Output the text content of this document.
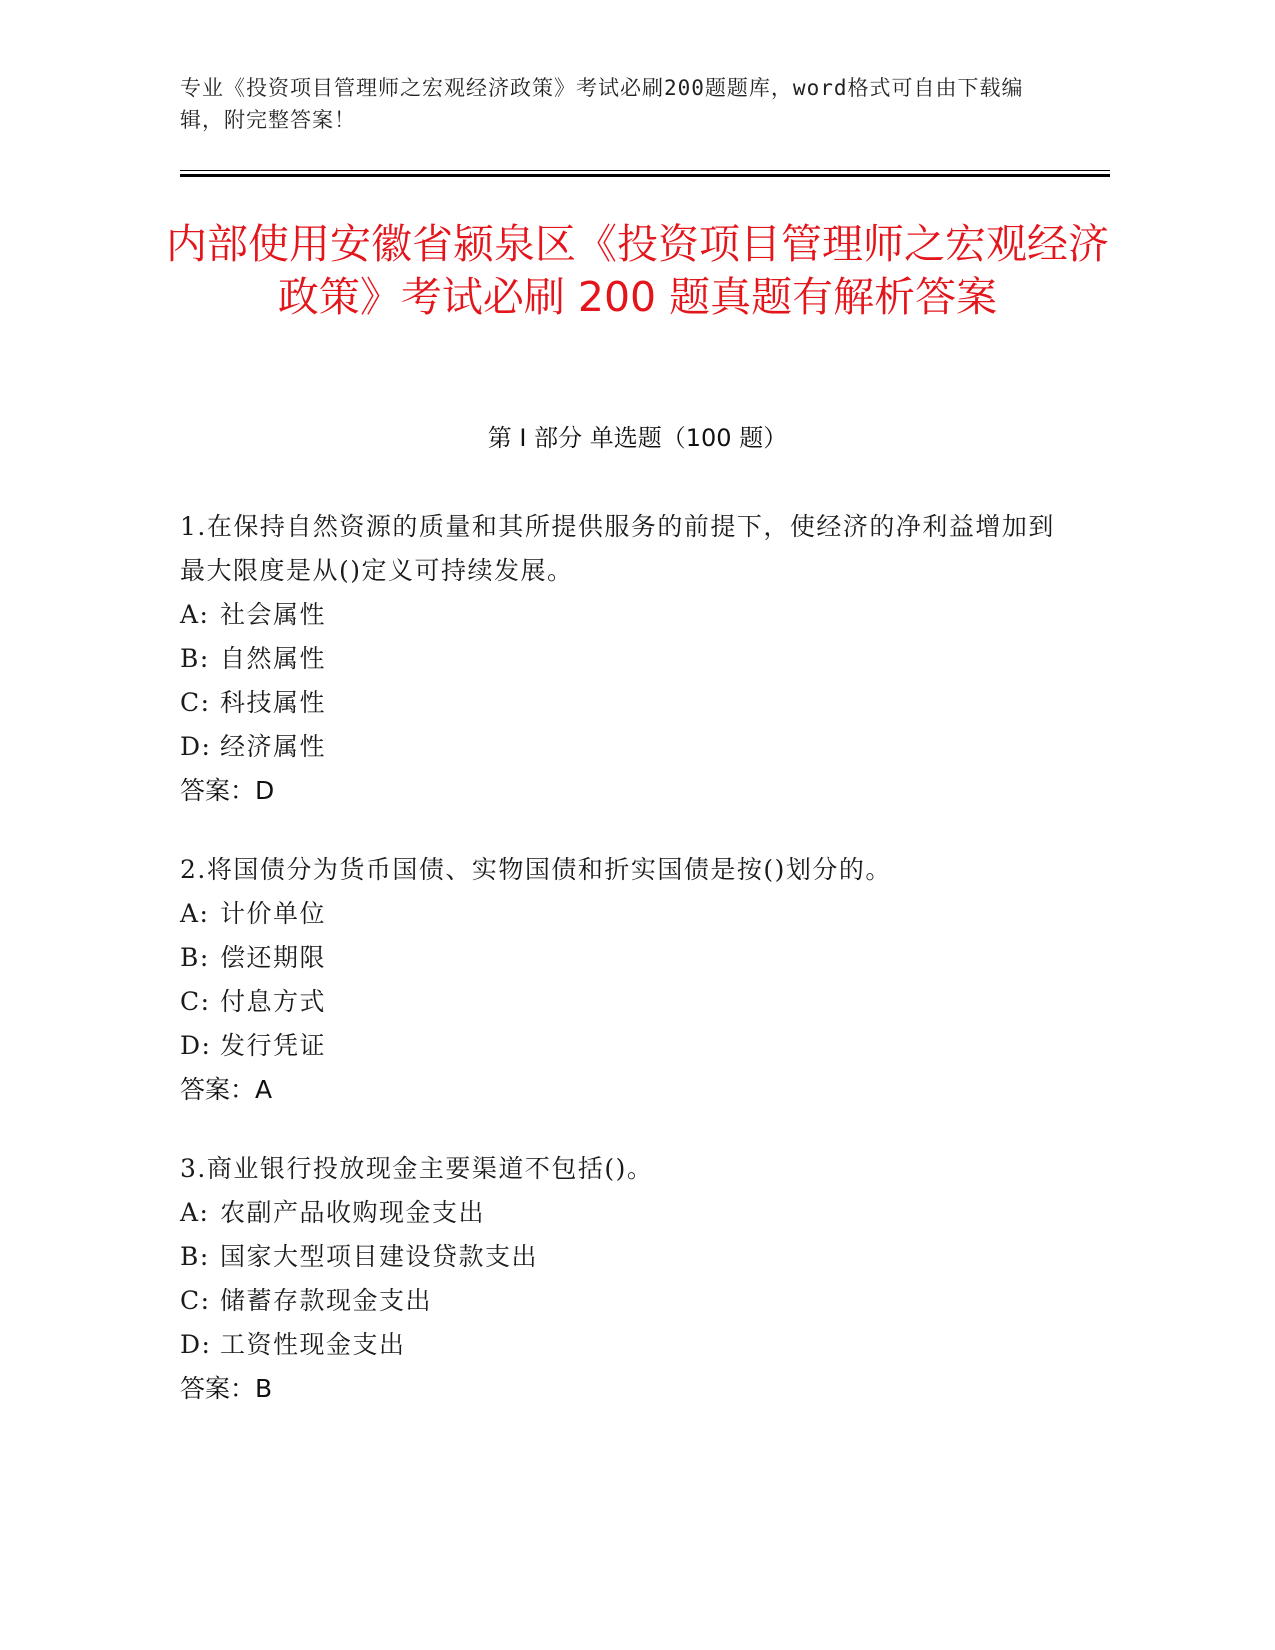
专业《投资项目管理师之宏观经济政策》考试必刷200题题库，word格式可自由下载编辑，附完整答案！
内部使用安徽省颍泉区《投资项目管理师之宏观经济政策》考试必刷 200 题真题有解析答案
第 I 部分 单选题（100 题）
1.在保持自然资源的质量和其所提供服务的前提下，使经济的净利益增加到最大限度是从()定义可持续发展。
A: 社会属性
B: 自然属性
C: 科技属性
D: 经济属性
答案：D
2.将国债分为货币国债、实物国债和折实国债是按()划分的。
A: 计价单位
B: 偿还期限
C: 付息方式
D: 发行凭证
答案：A
3.商业银行投放现金主要渠道不包括()。
A: 农副产品收购现金支出
B: 国家大型项目建设贷款支出
C: 储蓄存款现金支出
D: 工资性现金支出
答案：B
